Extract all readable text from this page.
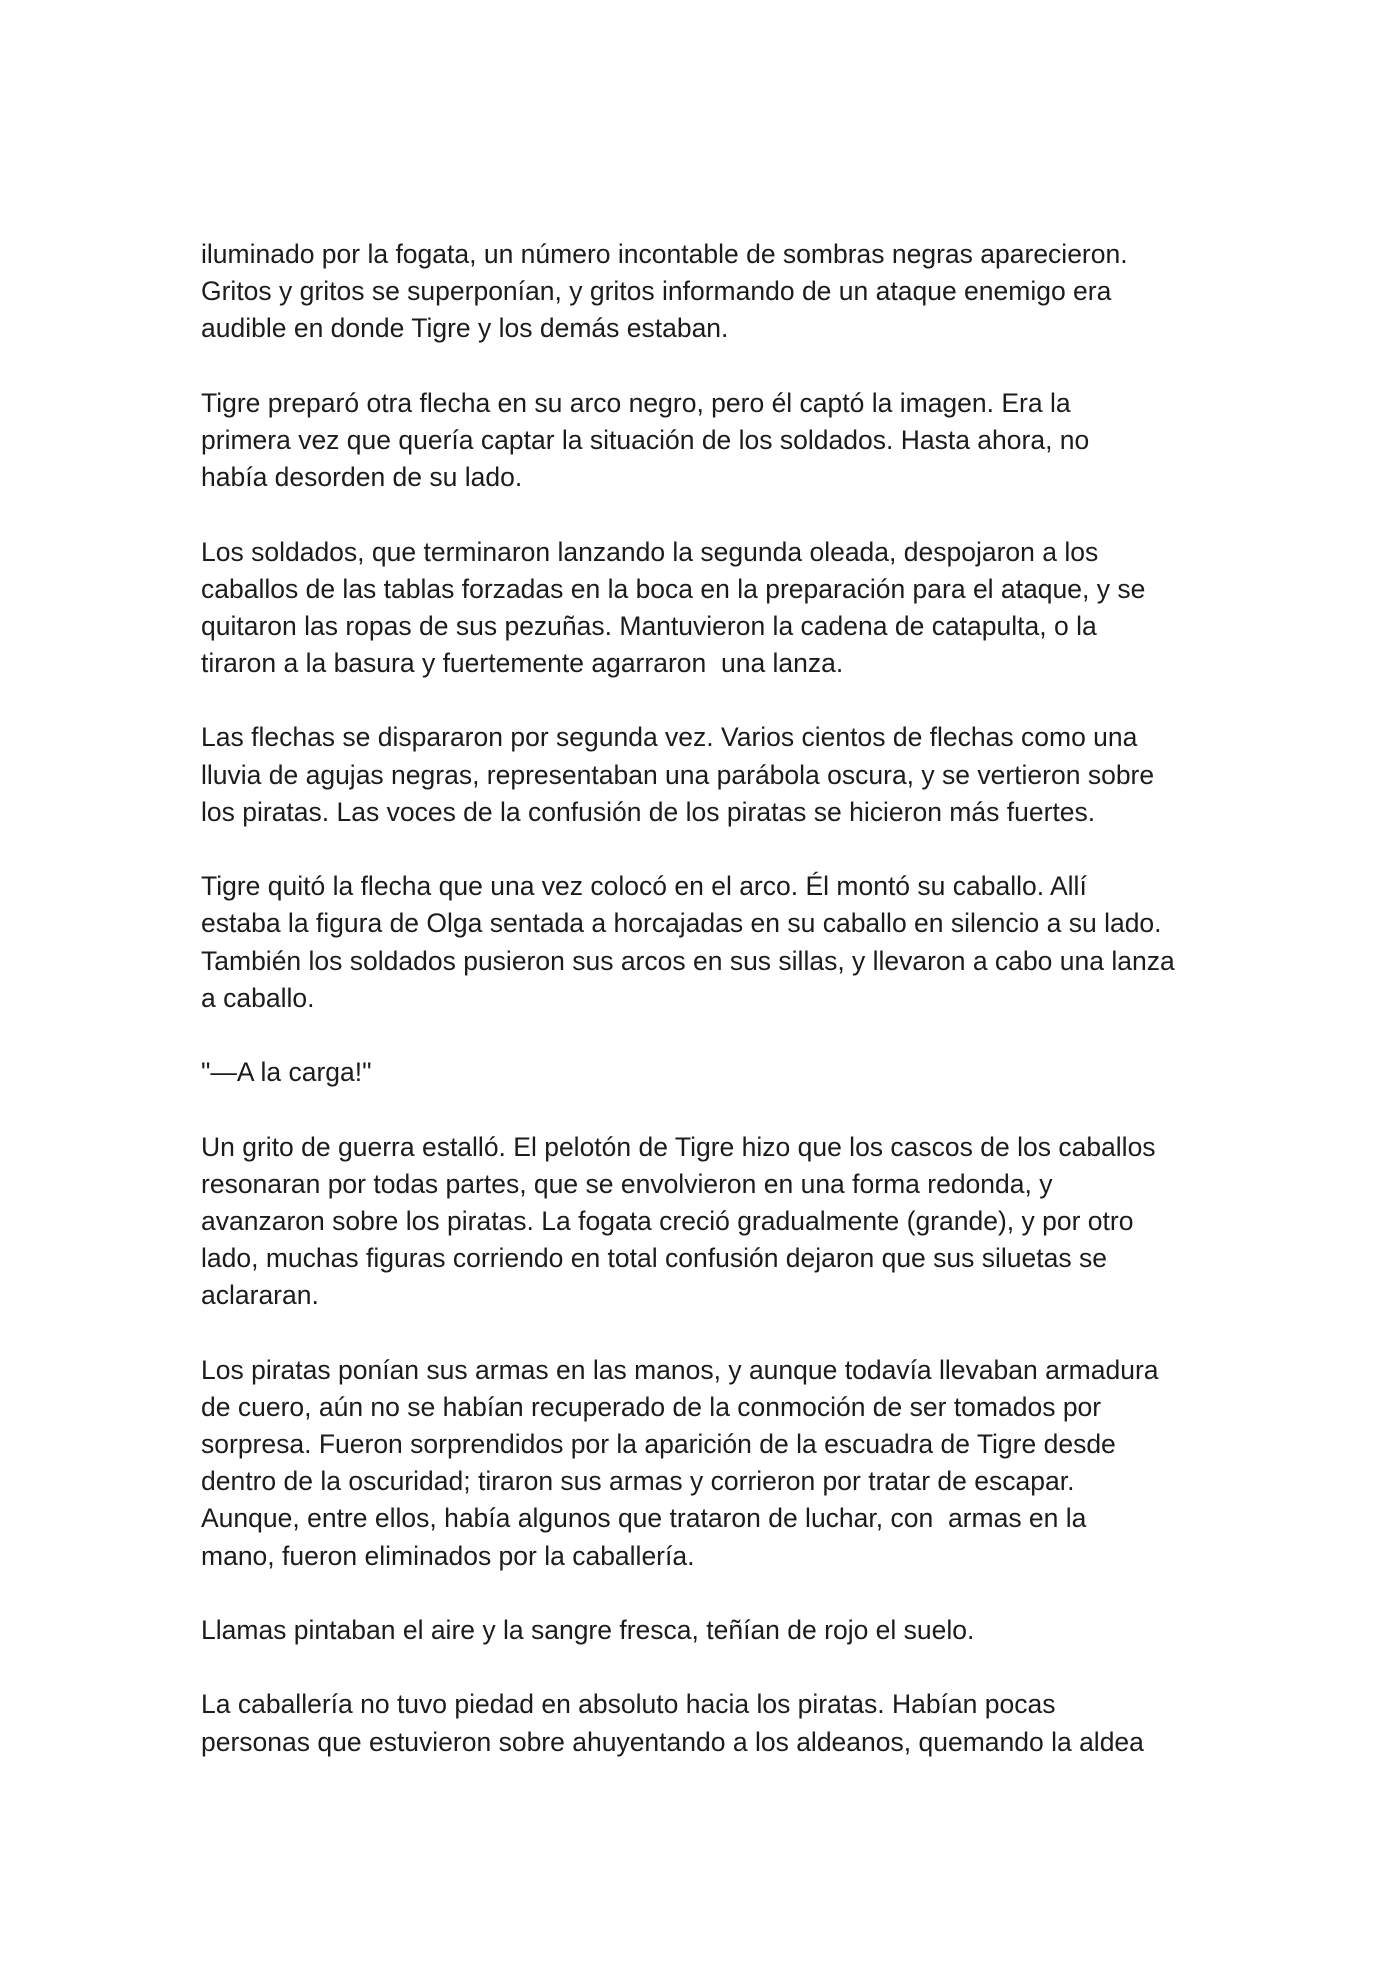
iluminado por la fogata, un número incontable de sombras negras aparecieron.
Gritos y gritos se superponían, y gritos informando de un ataque enemigo era
audible en donde Tigre y los demás estaban.

Tigre preparó otra flecha en su arco negro, pero él captó la imagen. Era la
primera vez que quería captar la situación de los soldados. Hasta ahora, no
había desorden de su lado.

Los soldados, que terminaron lanzando la segunda oleada, despojaron a los
caballos de las tablas forzadas en la boca en la preparación para el ataque, y se
quitaron las ropas de sus pezuñas. Mantuvieron la cadena de catapulta, o la
tiraron a la basura y fuertemente agarraron  una lanza.

Las flechas se dispararon por segunda vez. Varios cientos de flechas como una
lluvia de agujas negras, representaban una parábola oscura, y se vertieron sobre
los piratas. Las voces de la confusión de los piratas se hicieron más fuertes.

Tigre quitó la flecha que una vez colocó en el arco. Él montó su caballo. Allí
estaba la figura de Olga sentada a horcajadas en su caballo en silencio a su lado.
También los soldados pusieron sus arcos en sus sillas, y llevaron a cabo una lanza
a caballo.

"—A la carga!"

Un grito de guerra estalló. El pelotón de Tigre hizo que los cascos de los caballos
resonaran por todas partes, que se envolvieron en una forma redonda, y
avanzaron sobre los piratas. La fogata creció gradualmente (grande), y por otro
lado, muchas figuras corriendo en total confusión dejaron que sus siluetas se
aclararan.

Los piratas ponían sus armas en las manos, y aunque todavía llevaban armadura
de cuero, aún no se habían recuperado de la conmoción de ser tomados por
sorpresa. Fueron sorprendidos por la aparición de la escuadra de Tigre desde
dentro de la oscuridad; tiraron sus armas y corrieron por tratar de escapar.
Aunque, entre ellos, había algunos que trataron de luchar, con  armas en la
mano, fueron eliminados por la caballería.

Llamas pintaban el aire y la sangre fresca, teñían de rojo el suelo.

La caballería no tuvo piedad en absoluto hacia los piratas. Habían pocas
personas que estuvieron sobre ahuyentando a los aldeanos, quemando la aldea
